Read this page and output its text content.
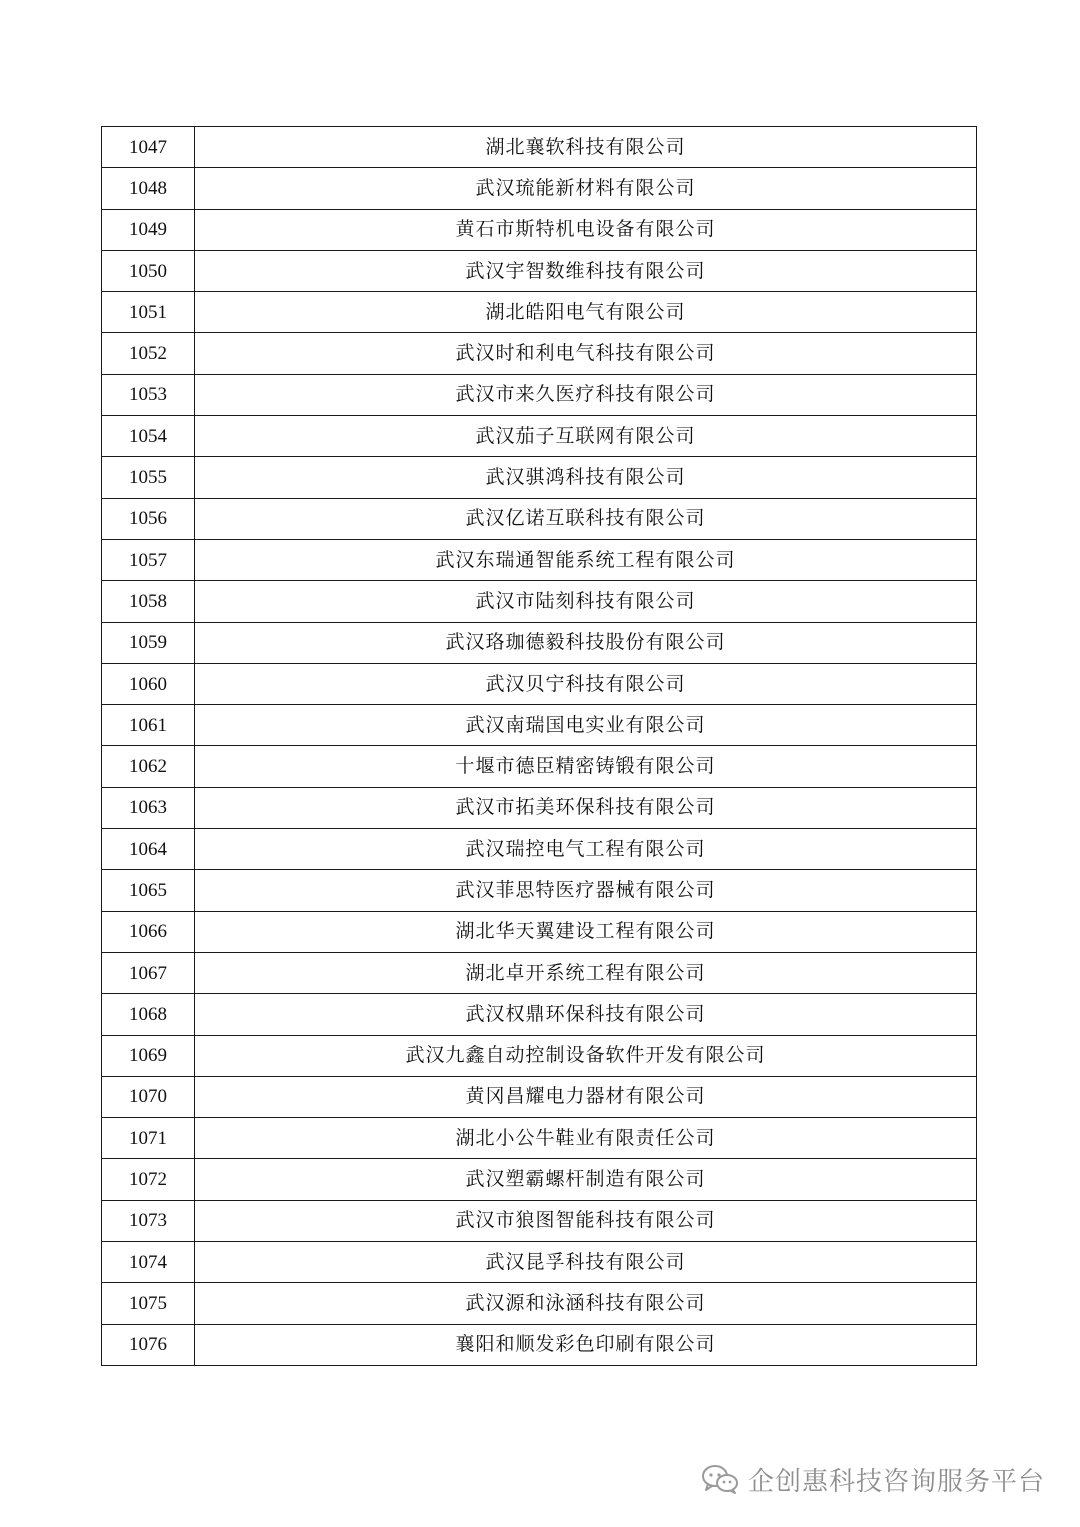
1047	湖北襄软科技有限公司
1048	武汉琉能新材料有限公司
1049	黄石市斯特机电设备有限公司
1050	武汉宇智数维科技有限公司
1051	湖北皓阳电气有限公司
1052	武汉时和利电气科技有限公司
1053	武汉市来久医疗科技有限公司
1054	武汉茄子互联网有限公司
1055	武汉骐鸿科技有限公司
1056	武汉亿诺互联科技有限公司
1057	武汉东瑞通智能系统工程有限公司
1058	武汉市陆刻科技有限公司
1059	武汉珞珈德毅科技股份有限公司
1060	武汉贝宁科技有限公司
1061	武汉南瑞国电实业有限公司
1062	十堰市德臣精密铸锻有限公司
1063	武汉市拓美环保科技有限公司
1064	武汉瑞控电气工程有限公司
1065	武汉菲思特医疗器械有限公司
1066	湖北华天翼建设工程有限公司
1067	湖北卓开系统工程有限公司
1068	武汉权鼎环保科技有限公司
1069	武汉九鑫自动控制设备软件开发有限公司
1070	黄冈昌耀电力器材有限公司
1071	湖北小公牛鞋业有限责任公司
1072	武汉塑霸螺杆制造有限公司
1073	武汉市狼图智能科技有限公司
1074	武汉昆孚科技有限公司
1075	武汉源和泳涵科技有限公司
1076	襄阳和顺发彩色印刷有限公司
企创惠科技咨询服务平台
